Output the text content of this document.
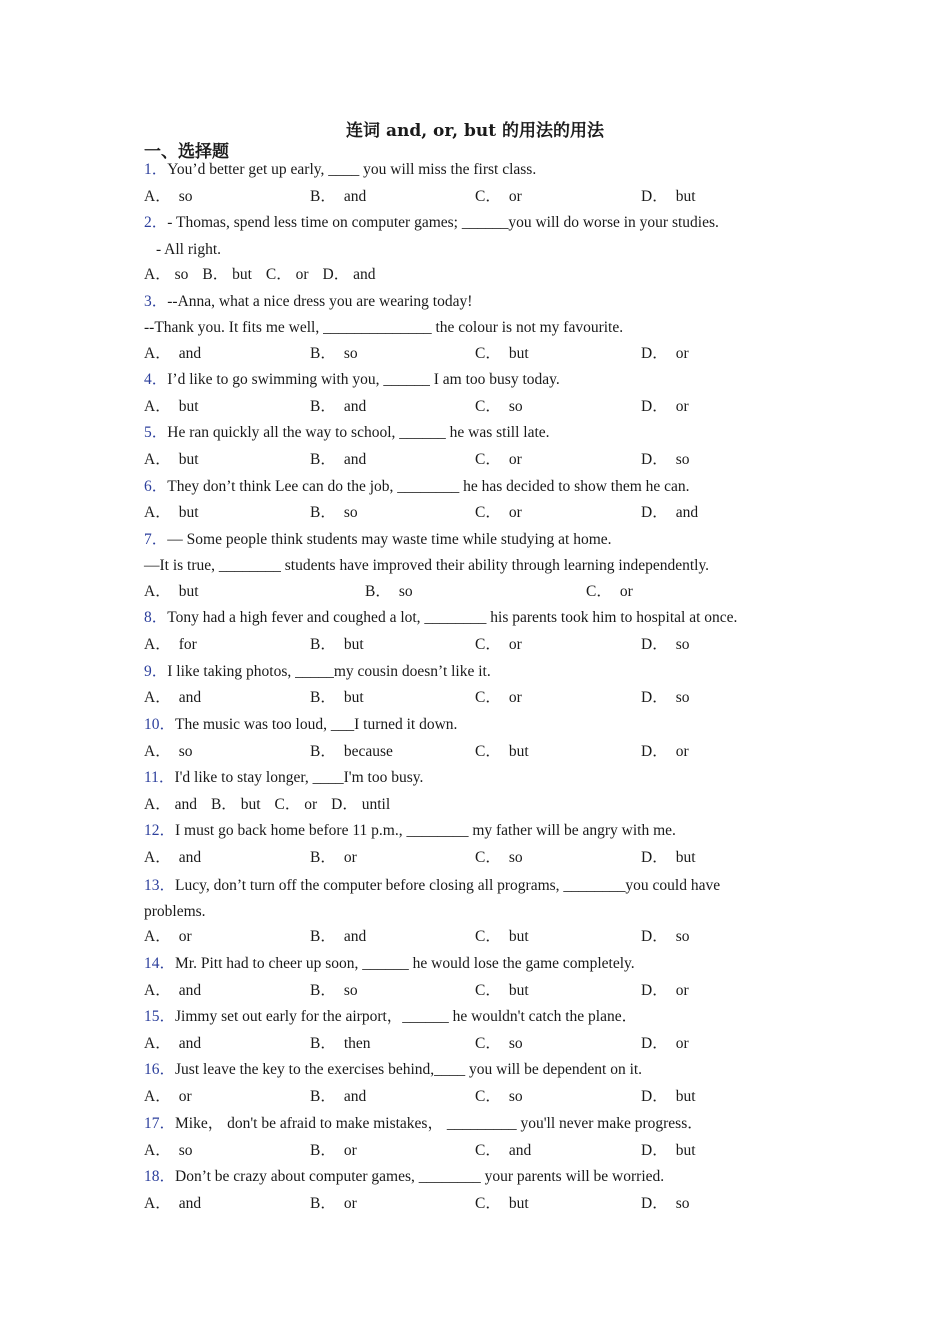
连词 and, or, but 的用法的用法
一、选择题
1．You’d better get up early, ____ you will miss the first class.
A． so	B． and	C． or	D． but
2．- Thomas, spend less time on computer games; ______you will do worse in your studies.
- All right.
A． so B． but C． or D． and
3．--Anna, what a nice dress you are wearing today!
--Thank you. It fits me well, ______________ the colour is not my favourite.
A． and	B． so	C． but	D． or
4．I’d like to go swimming with you, ______ I am too busy today.
A． but	B． and	C． so	D． or
5．He ran quickly all the way to school, ______ he was still late.
A． but	B． and	C． or	D． so
6．They don’t think Lee can do the job, ________ he has decided to show them he can.
A． but	B． so	C． or	D． and
7．— Some people think students may waste time while studying at home.
—It is true, ________ students have improved their ability through learning independently.
A． but	B． so	C． or
8．Tony had a high fever and coughed a lot, ________ his parents took him to hospital at once.
A． for	B． but	C． or	D． so
9．I like taking photos, _____my cousin doesn’t like it.
A． and	B． but	C． or	D． so
10．The music was too loud, ___I turned it down.
A． so	B． because	C． but	D． or
11．I'd like to stay longer, ____I'm too busy.
A． and B． but C． or D． until
12．I must go back home before 11 p.m., ________ my father will be angry with me.
A． and	B． or	C． so	D． but
13．Lucy, don’t turn off the computer before closing all programs, ________you could have
problems.
A． or	B． and	C． but	D． so
14．Mr. Pitt had to cheer up soon, ______ he would lose the game completely.
A． and	B． so	C． but	D． or
15．Jimmy set out early for the airport，______ he wouldn't catch the plane．
A． and	B． then	C． so	D． or
16．Just leave the key to the exercises behind,____ you will be dependent on it.
A． or	B． and	C． so	D． but
17．Mike， don't be afraid to make mistakes， _________ you'll never make progress．
A． so	B． or	C． and	D． but
18．Don’t be crazy about computer games, ________ your parents will be worried.
A． and	B． or	C． but	D． so
